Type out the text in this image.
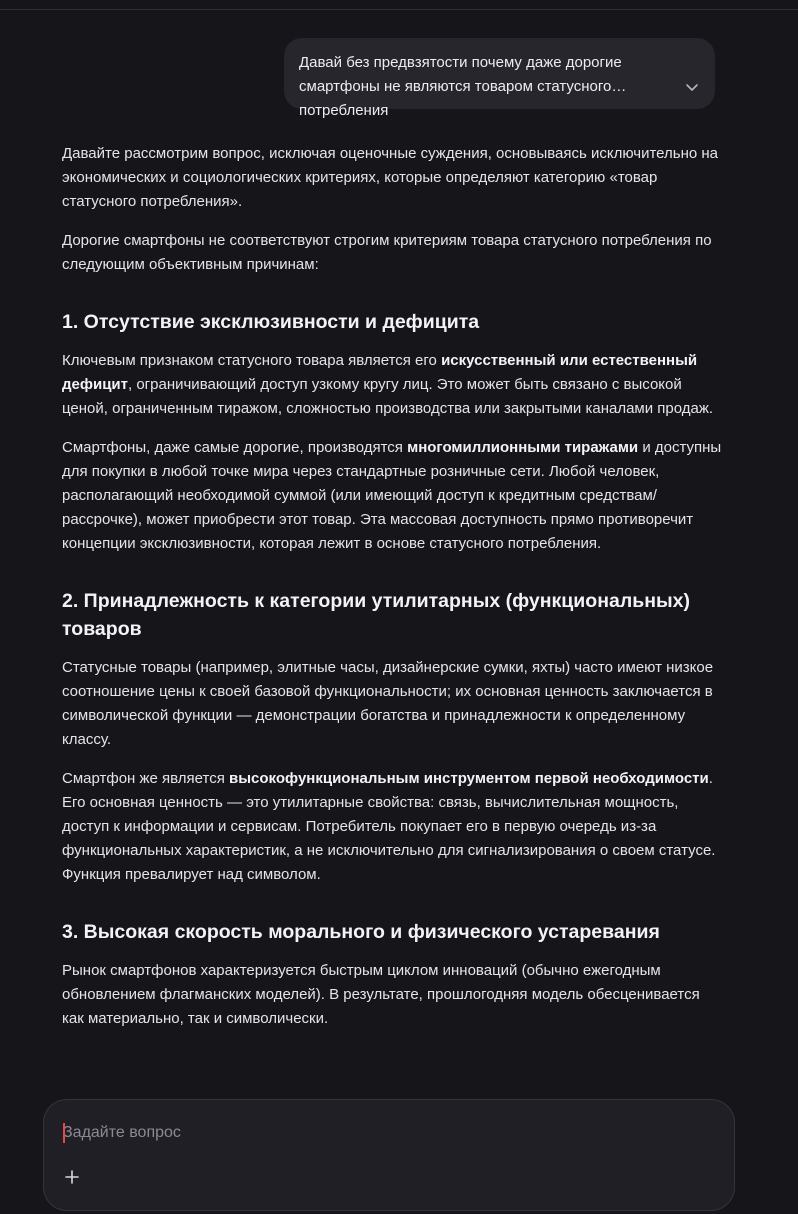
Давай без предвзятости почему даже дорогие смартфоны не являются товаром статусного потребления

Давайте рассмотрим вопрос, исключая оценочные суждения, основываясь исключительно на экономических и социологических критериях, которые определяют категорию «товар статусного потребления».

Дорогие смартфоны не соответствуют строгим критериям товара статусного потребления по следующим объективным причинам:

1. Отсутствие эксклюзивности и дефицита

Ключевым признаком статусного товара является его искусственный или естественный дефицит, ограничивающий доступ узкому кругу лиц. Это может быть связано с высокой ценой, ограниченным тиражом, сложностью производства или закрытыми каналами продаж.

Смартфоны, даже самые дорогие, производятся многомиллионными тиражами и доступны для покупки в любой точке мира через стандартные розничные сети. Любой человек, располагающий необходимой суммой (или имеющий доступ к кредитным средствам/рассрочке), может приобрести этот товар. Эта массовая доступность прямо противоречит концепции эксклюзивности, которая лежит в основе статусного потребления.

2. Принадлежность к категории утилитарных (функциональных) товаров

Статусные товары (например, элитные часы, дизайнерские сумки, яхты) часто имеют низкое соотношение цены к своей базовой функциональности; их основная ценность заключается в символической функции — демонстрации богатства и принадлежности к определенному классу.

Смартфон же является высокофункциональным инструментом первой необходимости. Его основная ценность — это утилитарные свойства: связь, вычислительная мощность, доступ к информации и сервисам. Потребитель покупает его в первую очередь из-за функциональных характеристик, а не исключительно для сигнализирования о своем статусе. Функция превалирует над символом.

3. Высокая скорость морального и физического устаревания

Рынок смартфонов характеризуется быстрым циклом инноваций (обычно ежегодным обновлением флагманских моделей). В результате, прошлогодняя модель обесценивается как материально, так и символически.

Задайте вопрос
